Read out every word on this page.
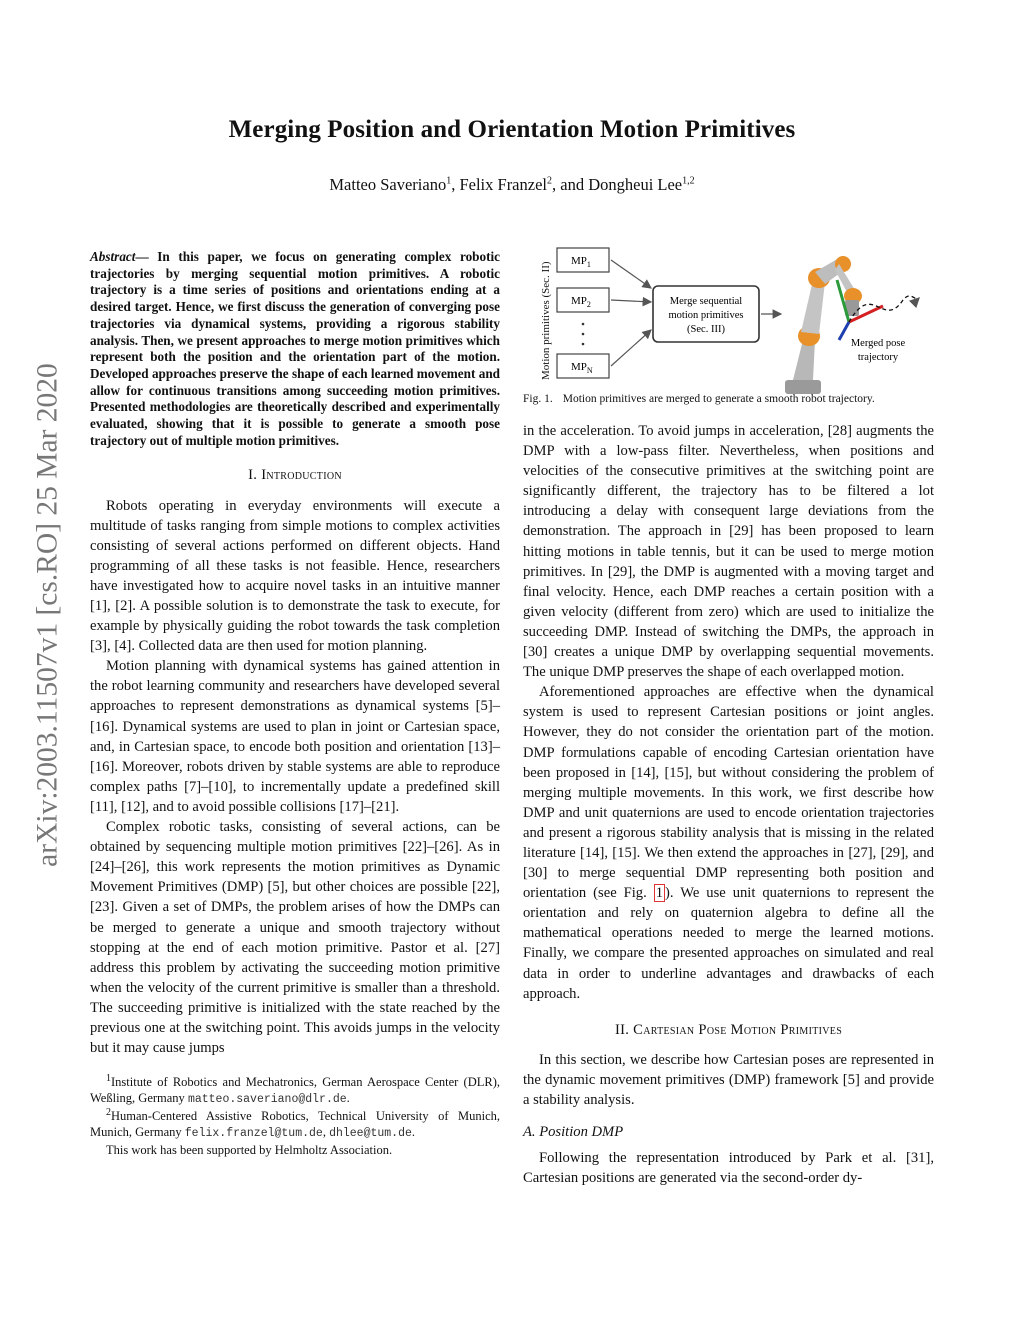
Merging Position and Orientation Motion Primitives
Matteo Saveriano$^1$, Felix Franzel$^2$, and Dongheui Lee$^{1,2}$
arXiv:2003.11507v1 [cs.RO] 25 Mar 2020
Abstract— In this paper, we focus on generating complex robotic trajectories by merging sequential motion primitives. A robotic trajectory is a time series of positions and orientations ending at a desired target. Hence, we first discuss the generation of converging pose trajectories via dynamical systems, providing a rigorous stability analysis. Then, we present approaches to merge motion primitives which represent both the position and the orientation part of the motion. Developed approaches preserve the shape of each learned movement and allow for continuous transitions among succeeding motion primitives. Presented methodologies are theoretically described and experimentally evaluated, showing that it is possible to generate a smooth pose trajectory out of multiple motion primitives.
I. Introduction

Robots operating in everyday environments will execute a multitude of tasks ranging from simple motions to complex activities consisting of several actions performed on different objects. Hand programming of all these tasks is not feasible. Hence, researchers have investigated how to acquire novel tasks in an intuitive manner [1], [2]. A possible solution is to demonstrate the task to execute, for example by physically guiding the robot towards the task completion [3], [4]. Collected data are then used for motion planning.

Motion planning with dynamical systems has gained attention in the robot learning community and researchers have developed several approaches to represent demonstrations as dynamical systems [5]–[16]. Dynamical systems are used to plan in joint or Cartesian space, and, in Cartesian space, to encode both position and orientation [13]–[16]. Moreover, robots driven by stable systems are able to reproduce complex paths [7]–[10], to incrementally update a predefined skill [11], [12], and to avoid possible collisions [17]–[21].

Complex robotic tasks, consisting of several actions, can be obtained by sequencing multiple motion primitives [22]–[26]. As in [24]–[26], this work represents the motion primitives as Dynamic Movement Primitives (DMP) [5], but other choices are possible [22], [23]. Given a set of DMPs, the problem arises of how the DMPs can be merged to generate a unique and smooth trajectory without stopping at the end of each motion primitive. Pastor et al. [27] address this problem by activating the succeeding motion primitive when the velocity of the current primitive is smaller than a threshold. The succeeding primitive is initialized with the state reached by the previous one at the switching point. This avoids jumps in the velocity but it may cause jumps

$^1$Institute of Robotics and Mechatronics, German Aerospace Center (DLR), Weßling, Germany matteo.saveriano@dlr.de.

$^2$Human-Centered Assistive Robotics, Technical University of Munich, Munich, Germany felix.franzel@tum.de, dhlee@tum.de.

This work has been supported by Helmholtz Association.

Motion primitives (Sec. II)
$MP_1$
$MP_2$
$MP_N$
Merge sequential
motion primitives
(Sec. III)
Merged pose
trajectory
Fig. 1. Motion primitives are merged to generate a smooth robot trajectory.

in the acceleration. To avoid jumps in acceleration, [28] augments the DMP with a low-pass filter. Nevertheless, when positions and velocities of the consecutive primitives at the switching point are significantly different, the trajectory has to be filtered a lot introducing a delay with consequent large deviations from the demonstration. The approach in [29] has been proposed to learn hitting motions in table tennis, but it can be used to merge motion primitives. In [29], the DMP is augmented with a moving target and final velocity. Hence, each DMP reaches a certain position with a given velocity (different from zero) which are used to initialize the succeeding DMP. Instead of switching the DMPs, the approach in [30] creates a unique DMP by overlapping sequential movements. The unique DMP preserves the shape of each overlapped motion.

Aforementioned approaches are effective when the dynamical system is used to represent Cartesian positions or joint angles. However, they do not consider the orientation part of the motion. DMP formulations capable of encoding Cartesian orientation have been proposed in [14], [15], but without considering the problem of merging multiple movements. In this work, we first describe how DMP and unit quaternions are used to encode orientation trajectories and present a rigorous stability analysis that is missing in the related literature [14], [15]. We then extend the approaches in [27], [29], and [30] to merge sequential DMP representing both position and orientation (see Fig. 1 ). We use unit quaternions to represent the orientation and rely on quaternion algebra to define all the mathematical operations needed to merge the learned motions. Finally, we compare the presented approaches on simulated and real data in order to underline advantages and drawbacks of each approach.

II. Cartesian Pose Motion Primitives

In this section, we describe how Cartesian poses are represented in the dynamic movement primitives (DMP) framework [5] and provide a stability analysis.

A. Position DMP

Following the representation introduced by Park et al. [31], Cartesian positions are generated via the second-order dy-
